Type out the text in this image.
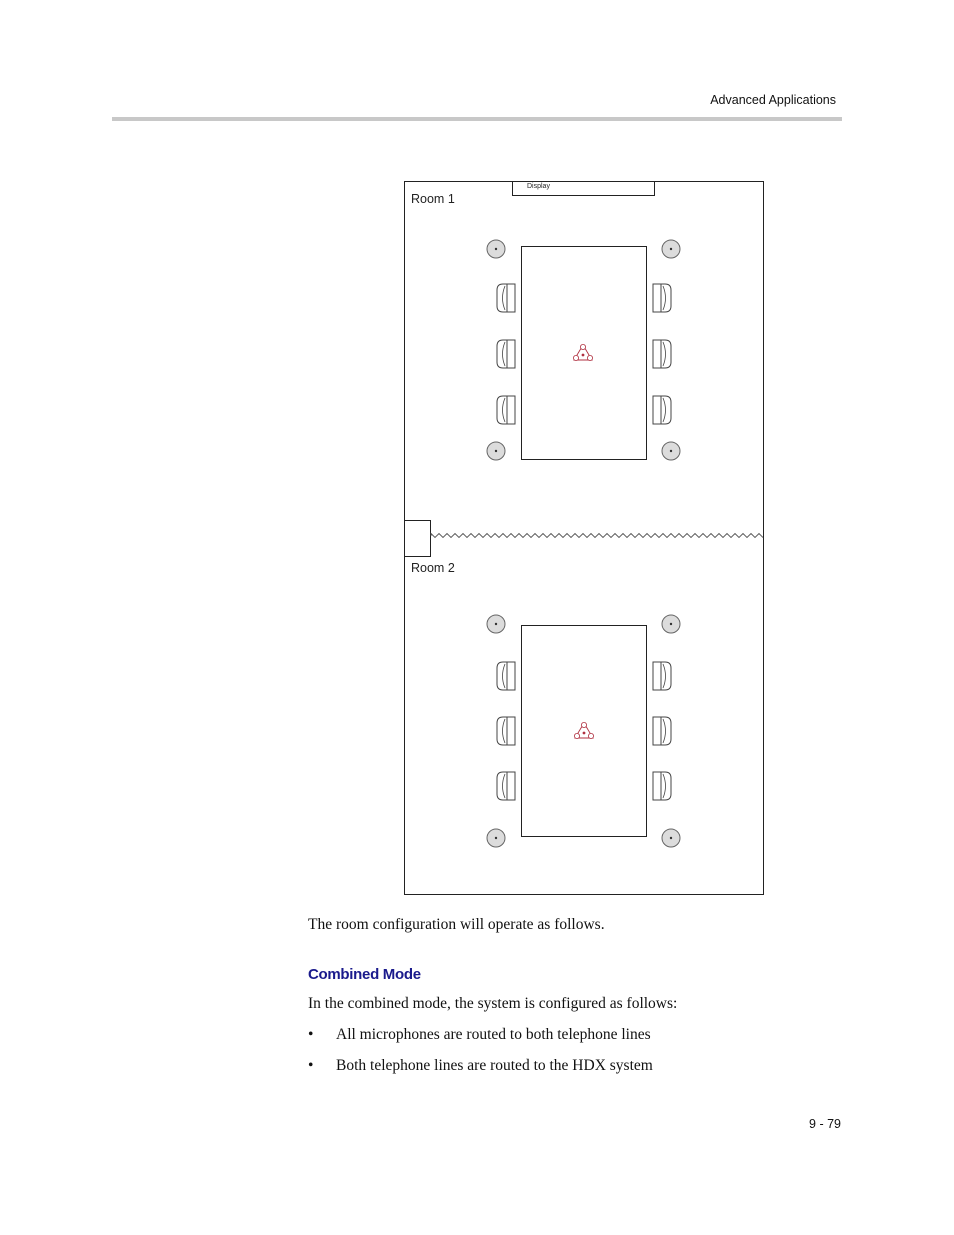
Advanced Applications
Display
Room 1
Room 2
The room configuration will operate as follows.
Combined Mode
In the combined mode, the system is configured as follows:
• All microphones are routed to both telephone lines
• Both telephone lines are routed to the HDX system
9 - 79
